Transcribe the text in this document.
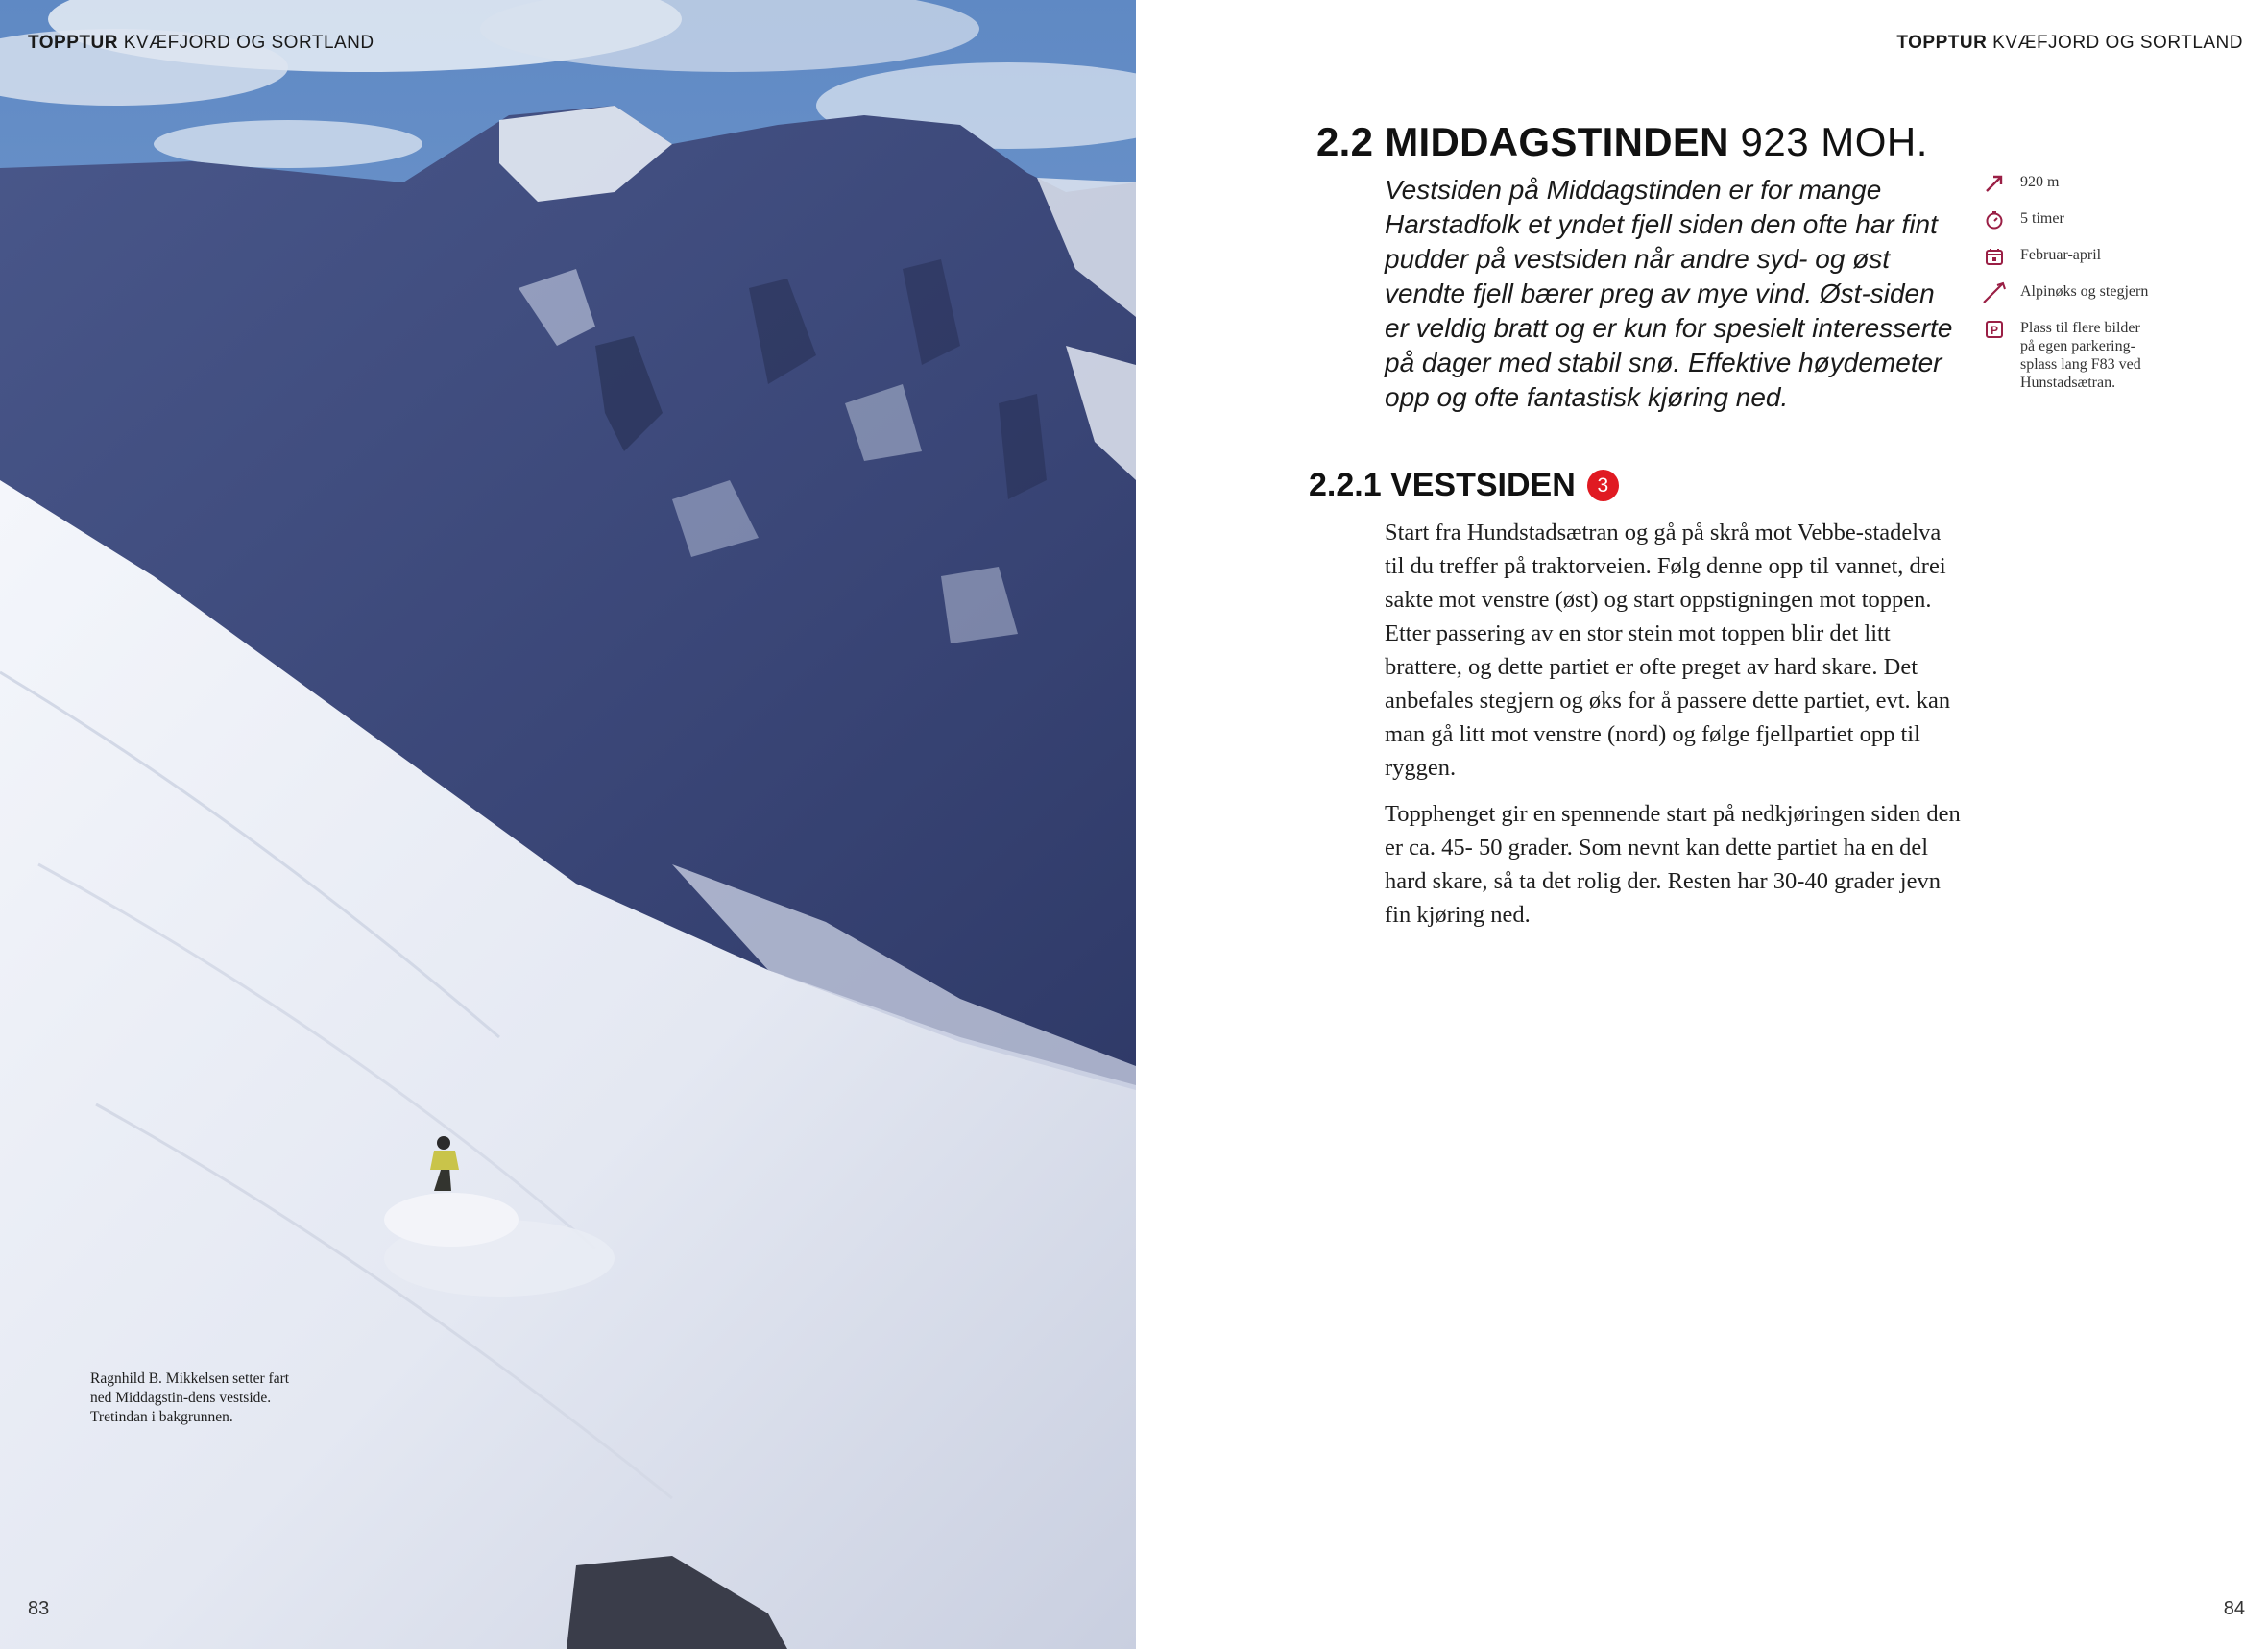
TOPPTUR KVÆFJORD OG SORTLAND
Ragnhild B. Mikkelsen setter fart ned Middagstin-dens vestside. Tretindan i bakgrunnen.
83
TOPPTUR KVÆFJORD OG SORTLAND
84
2.2 MIDDAGSTINDEN 923 MOH.

Vestsiden på Middagstinden er for mange Harstadfolk et yndet fjell siden den ofte har fint pudder på vestsiden når andre syd- og øst vendte fjell bærer preg av mye vind. Øst-siden er veldig bratt og er kun for spesielt interesserte på dager med stabil snø. Effektive høydemeter opp og ofte fantastisk kjøring ned.

920 m
5 timer
Februar-april
Alpinøks og stegjern
P Plass til flere bilder på egen parkering-splass lang F83 ved Hunstadsætran.
2.2.1 VESTSIDEN	3

Start fra Hundstadsætran og gå på skrå mot Vebbe-stadelva til du treffer på traktorveien. Følg denne opp til vannet, drei sakte mot venstre (øst) og start oppstigningen mot toppen. Etter passering av en stor stein mot toppen blir det litt brattere, og dette partiet er ofte preget av hard skare. Det anbefales stegjern og øks for å passere dette partiet, evt. kan man gå litt mot venstre (nord) og følge fjellpartiet opp til ryggen.

Topphenget gir en spennende start på nedkjøringen siden den er ca. 45- 50 grader. Som nevnt kan dette partiet ha en del hard skare, så ta det rolig der. Resten har 30-40 grader jevn fin kjøring ned.
